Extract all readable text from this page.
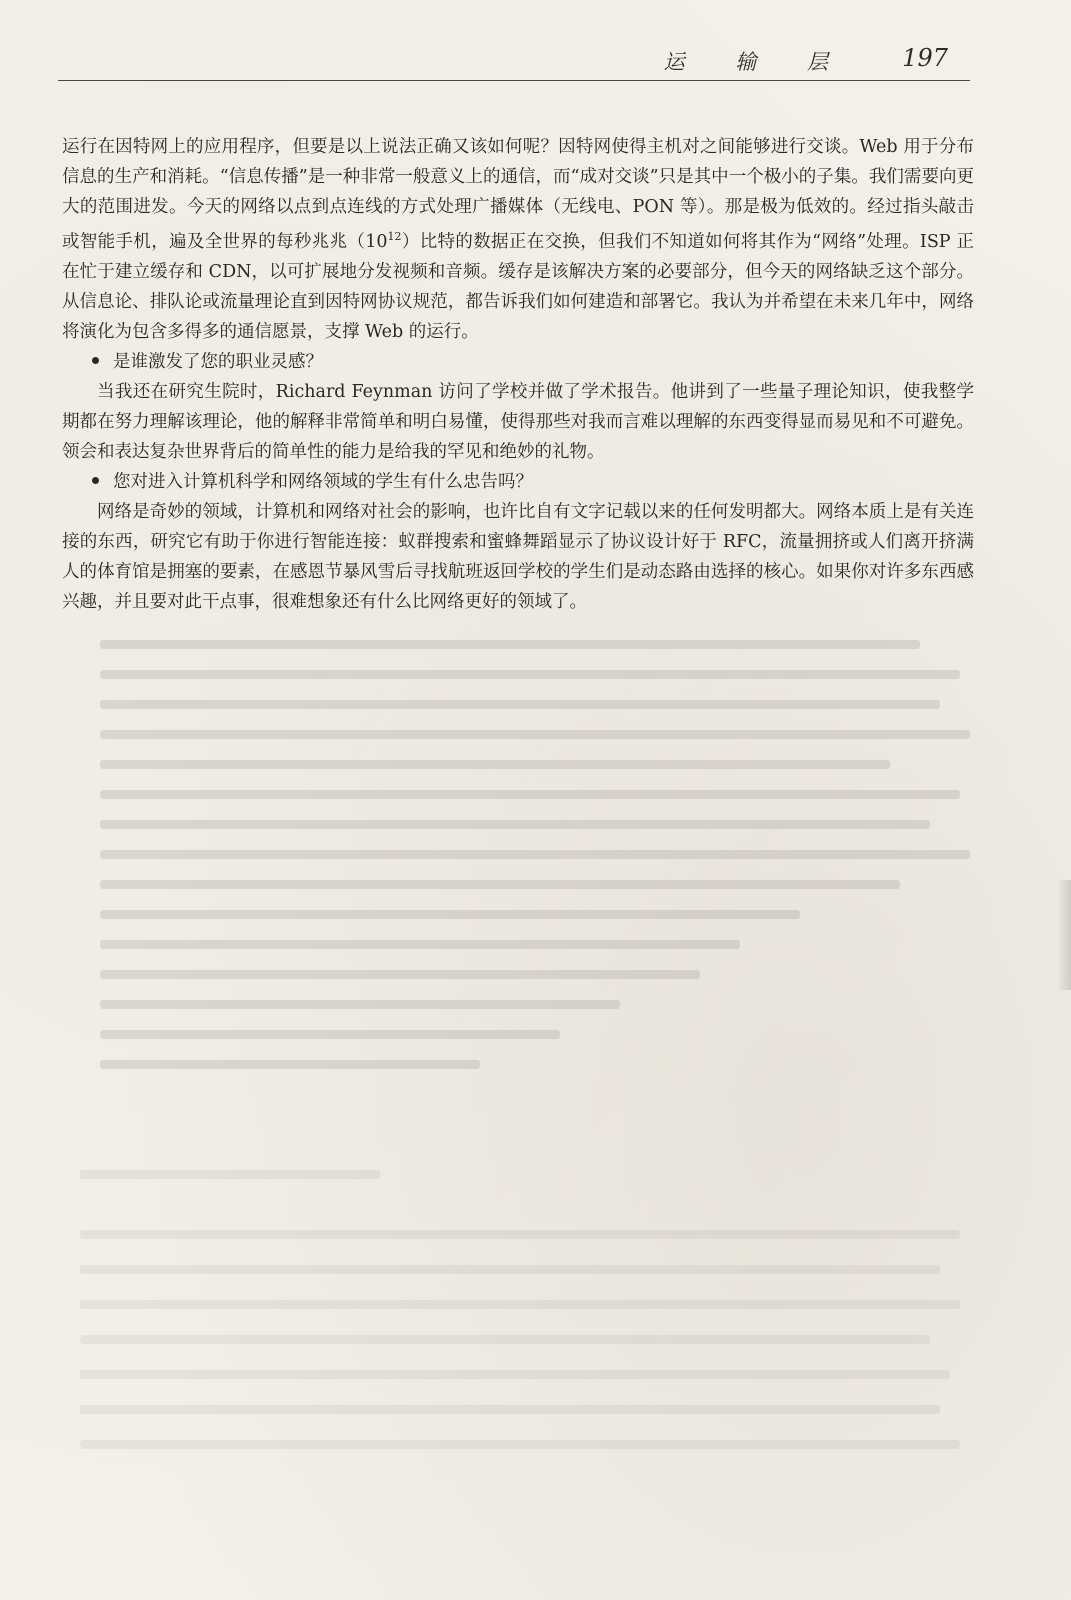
运 输 层 197

运行在因特网上的应用程序，但要是以上说法正确又该如何呢？因特网使得主机对之间能够进行交谈。Web 用于分布信息的生产和消耗。“信息传播”是一种非常一般意义上的通信，而“成对交谈”只是其中一个极小的子集。我们需要向更大的范围进发。今天的网络以点到点连线的方式处理广播媒体（无线电、PON 等）。那是极为低效的。经过指头敲击或智能手机，遍及全世界的每秒兆兆$(10^{12})$比特的数据正在交换，但我们不知道如何将其作为“网络”处理。ISP 正在忙于建立缓存和 CDN，以可扩展地分发视频和音频。缓存是该解决方案的必要部分，但今天的网络缺乏这个部分。从信息论、排队论或流量理论直到因特网协议规范，都告诉我们如何建造和部署它。我认为并希望在未来几年中，网络将演化为包含多得多的通信愿景，支撑 Web 的运行。

是谁激发了您的职业灵感？

当我还在研究生院时，Richard Feynman 访问了学校并做了学术报告。他讲到了一些量子理论知识，使我整学期都在努力理解该理论，他的解释非常简单和明白易懂，使得那些对我而言难以理解的东西变得显而易见和不可避免。领会和表达复杂世界背后的简单性的能力是给我的罕见和绝妙的礼物。

您对进入计算机科学和网络领域的学生有什么忠告吗？

网络是奇妙的领域，计算机和网络对社会的影响，也许比自有文字记载以来的任何发明都大。网络本质上是有关连接的东西，研究它有助于你进行智能连接：蚁群搜索和蜜蜂舞蹈显示了协议设计好于 RFC，流量拥挤或人们离开挤满人的体育馆是拥塞的要素，在感恩节暴风雪后寻找航班返回学校的学生们是动态路由选择的核心。如果你对许多东西感兴趣，并且要对此干点事，很难想象还有什么比网络更好的领域了。
